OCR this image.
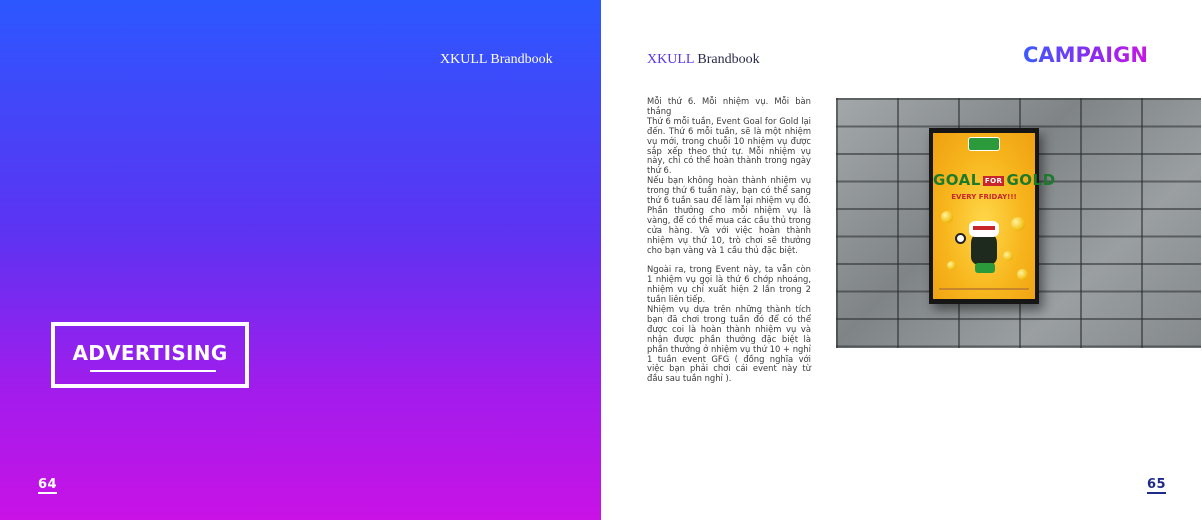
XKULL Brandbook
ADVERTISING
64
XKULL Brandbook	CAMPAIGN

Mỗi thứ 6. Mỗi nhiệm vụ. Mỗi bàn thắng

Thứ 6 mỗi tuần, Event Goal for Gold lại đến. Thứ 6 mỗi tuần, sẽ là một nhiệm vụ mới, trong chuỗi 10 nhiệm vụ được sắp xếp theo thứ tự. Mỗi nhiệm vụ này, chỉ có thể hoàn thành trong ngày thứ 6.

Nếu bạn không hoàn thành nhiệm vụ trong thứ 6 tuần này, bạn có thể sang thứ 6 tuần sau để làm lại nhiệm vụ đó. Phần thưởng cho mỗi nhiệm vụ là vàng, để có thể mua các cầu thủ trong cửa hàng. Và với việc hoàn thành nhiệm vụ thứ 10, trò chơi sẽ thưởng cho bạn vàng và 1 cầu thủ đặc biệt.

Ngoài ra, trong Event này, ta vẫn còn 1 nhiệm vụ gọi là thứ 6 chớp nhoáng, nhiệm vụ chỉ xuất hiện 2 lần trong 2 tuần liên tiếp.

Nhiệm vụ dựa trên những thành tích bạn đã chơi trong tuần đó để có thể được coi là hoàn thành nhiệm vụ và nhận được phần thưởng đặc biệt là phần thưởng ở nhiệm vụ thứ 10 + nghỉ 1 tuần event GFG ( đồng nghĩa với việc bạn phải chơi cái event này từ đầu sau tuần nghỉ ).

GOAL FOR GOLD
EVERY FRIDAY!!!
65
